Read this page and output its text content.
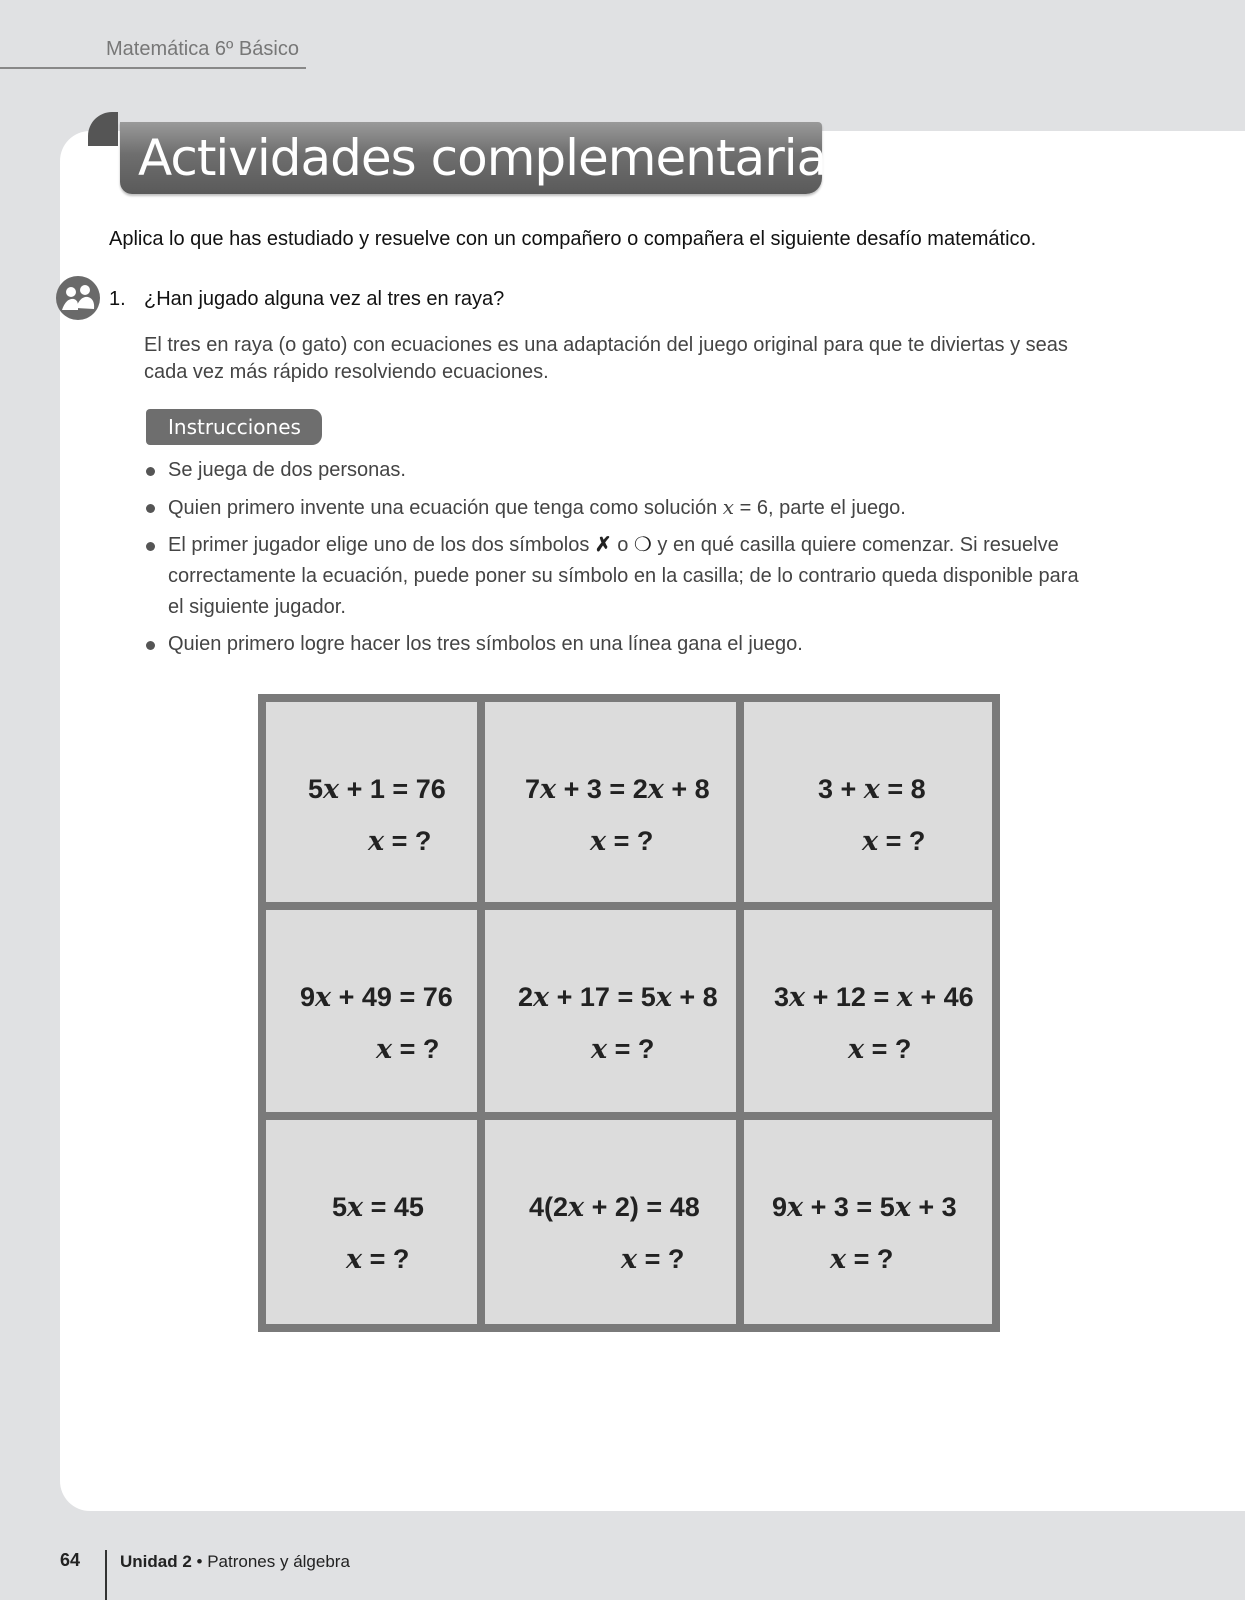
Matemática 6º Básico
Actividades complementarias
Aplica lo que has estudiado y resuelve con un compañero o compañera el siguiente desafío matemático.
1. ¿Han jugado alguna vez al tres en raya?
El tres en raya (o gato) con ecuaciones es una adaptación del juego original para que te diviertas y seas cada vez más rápido resolviendo ecuaciones.
Instrucciones
Se juega de dos personas.
Quien primero invente una ecuación que tenga como solución x = 6, parte el juego.
El primer jugador elige uno de los dos símbolos ✗ o ❍ y en qué casilla quiere comenzar. Si resuelve correctamente la ecuación, puede poner su símbolo en la casilla; de lo contrario queda disponible para el siguiente jugador.
Quien primero logre hacer los tres símbolos en una línea gana el juego.
5x + 1 = 76
x = ?
7x + 3 = 2x + 8
x = ?
3 + x = 8
x = ?
9x + 49 = 76
x = ?
2x + 17 = 5x + 8
x = ?
3x + 12 = x + 46
x = ?
5x = 45
x = ?
4(2x + 2) = 48
x = ?
9x + 3 = 5x + 3
x = ?
64 Unidad 2 • Patrones y álgebra
